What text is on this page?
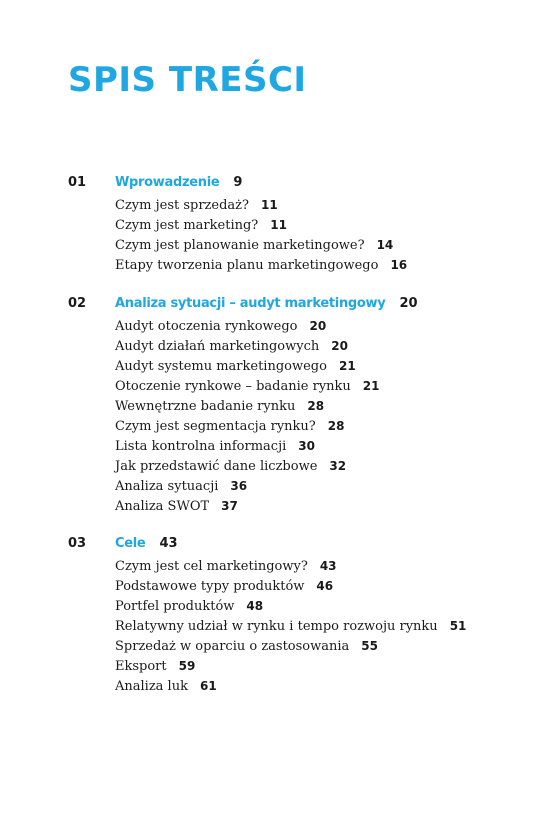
SPIS TREŚCI
01	Wprowadzenie 9
Czym jest sprzedaż? 11
Czym jest marketing? 11
Czym jest planowanie marketingowe? 14
Etapy tworzenia planu marketingowego 16
02	Analiza sytuacji – audyt marketingowy 20
Audyt otoczenia rynkowego 20
Audyt działań marketingowych 20
Audyt systemu marketingowego 21
Otoczenie rynkowe – badanie rynku 21
Wewnętrzne badanie rynku 28
Czym jest segmentacja rynku? 28
Lista kontrolna informacji 30
Jak przedstawić dane liczbowe 32
Analiza sytuacji 36
Analiza SWOT 37
03	Cele 43
Czym jest cel marketingowy? 43
Podstawowe typy produktów 46
Portfel produktów 48
Relatywny udział w rynku i tempo rozwoju rynku 51
Sprzedaż w oparciu o zastosowania 55
Eksport 59
Analiza luk 61
